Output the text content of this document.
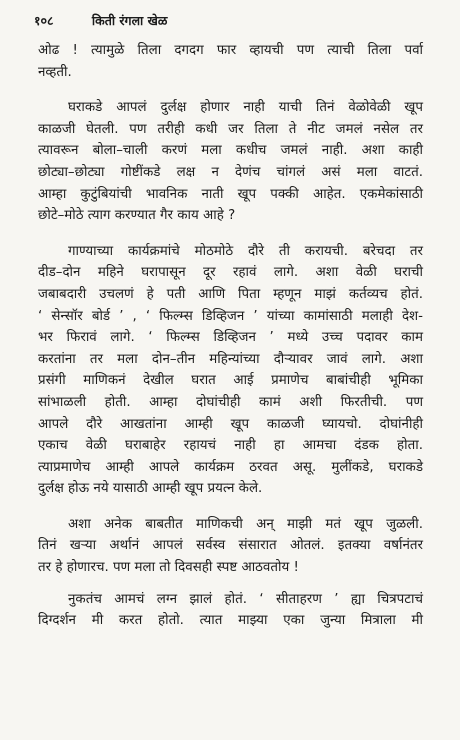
१०८	किती रंगला खेळ
ओढ ! त्यामुळे तिला दगदग फार व्हायची पण त्याची तिला पर्वा
नव्हती.
घराकडे आपलं दुर्लक्ष होणार नाही याची तिनं वेळोवेळी खूप
काळजी घेतली. पण तरीही कधी जर तिला ते नीट जमलं नसेल तर
त्यावरून बोला–चाली करणं मला कधीच जमलं नाही. अशा काही
छोट्या–छोट्या गोष्टींकडे लक्ष न देणंच चांगलं असं मला वाटतं.
आम्हा कुटुंबियांची भावनिक नाती खूप पक्की आहेत. एकमेकांसाठी
छोटे–मोठे त्याग करण्यात गैर काय आहे ?
गाण्याच्या कार्यक्रमांचे मोठमोठे दौरे ती करायची. बरेचदा तर
दीड–दोन महिने घरापासून दूर रहावं लागे. अशा वेळी घराची
जबाबदारी उचलणं हे पती आणि पिता म्हणून माझं कर्तव्यच होतं.
‘ सेन्सॉर बोर्ड ’ , ‘ फिल्म्स डिव्हिजन ’ यांच्या कामांसाठी मलाही देश-
भर फिरावं लागे. ‘ फिल्म्स डिव्हिजन ’ मध्ये उच्च पदावर काम
करतांना तर मला दोन–तीन महिन्यांच्या दौऱ्यावर जावं लागे. अशा
प्रसंगी माणिकनं देखील घरात आई प्रमाणेच बाबांचीही भूमिका
सांभाळली होती. आम्हा दोघांचीही कामं अशी फिरतीची. पण
आपले दौरे आखतांना आम्ही खूप काळजी घ्यायचो. दोघांनीही
एकाच वेळी घराबाहेर रहायचं नाही हा आमचा दंडक होता.
त्याप्रमाणेच आम्ही आपले कार्यक्रम ठरवत असू. मुलींकडे, घराकडे
दुर्लक्ष होऊ नये यासाठी आम्ही खूप प्रयत्न केले.
अशा अनेक बाबतीत माणिकची अन् माझी मतं खूप जुळली.
तिनं खऱ्या अर्थानं आपलं सर्वस्व संसारात ओतलं. इतक्या वर्षानंतर
तर हे होणारच. पण मला तो दिवसही स्पष्ट आठवतोय !
नुकतंच आमचं लग्न झालं होतं. ‘ सीताहरण ’ ह्या चित्रपटाचं
दिग्दर्शन मी करत होतो. त्यात माझ्या एका जुन्या मित्राला मी
